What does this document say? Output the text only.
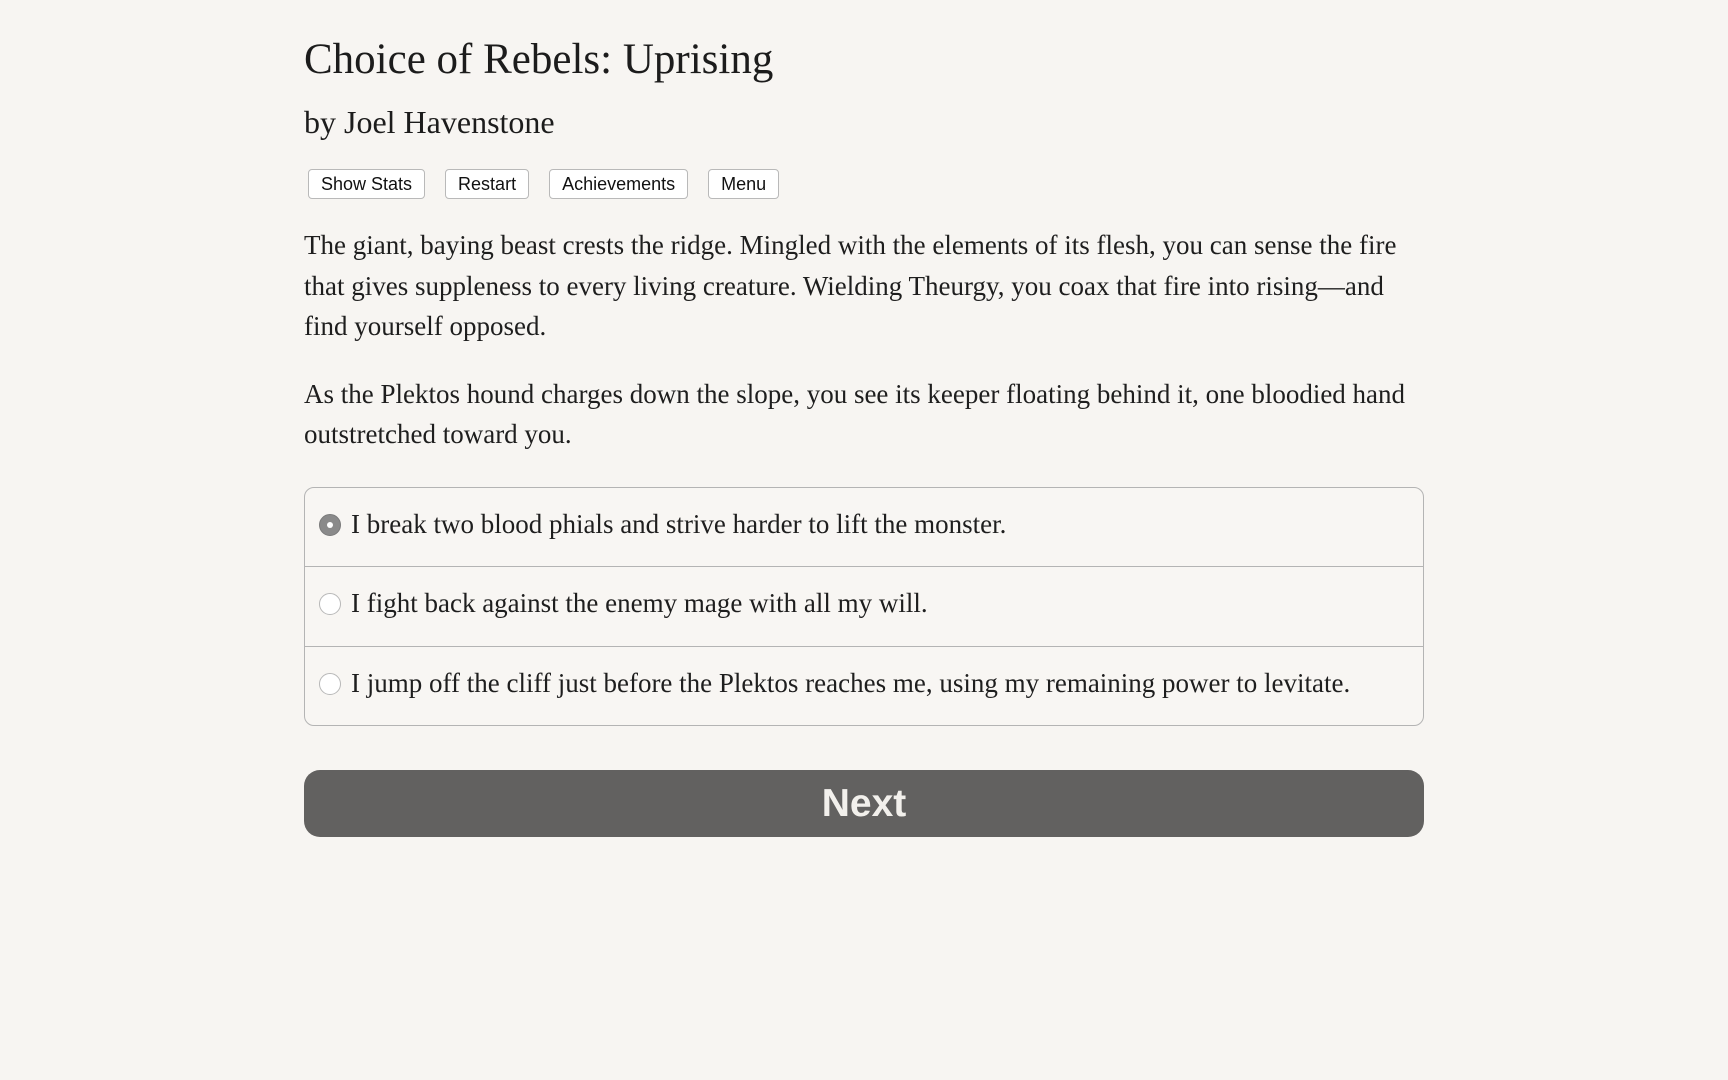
Choice of Rebels: Uprising
by Joel Havenstone
Show Stats	Restart	Achievements	Menu

The giant, baying beast crests the ridge. Mingled with the elements of its flesh, you can sense the fire that gives suppleness to every living creature. Wielding Theurgy, you coax that fire into rising—and find yourself opposed.

As the Plektos hound charges down the slope, you see its keeper floating behind it, one bloodied hand outstretched toward you.

I break two blood phials and strive harder to lift the monster.
I fight back against the enemy mage with all my will.
I jump off the cliff just before the Plektos reaches me, using my remaining power to levitate.
Next
